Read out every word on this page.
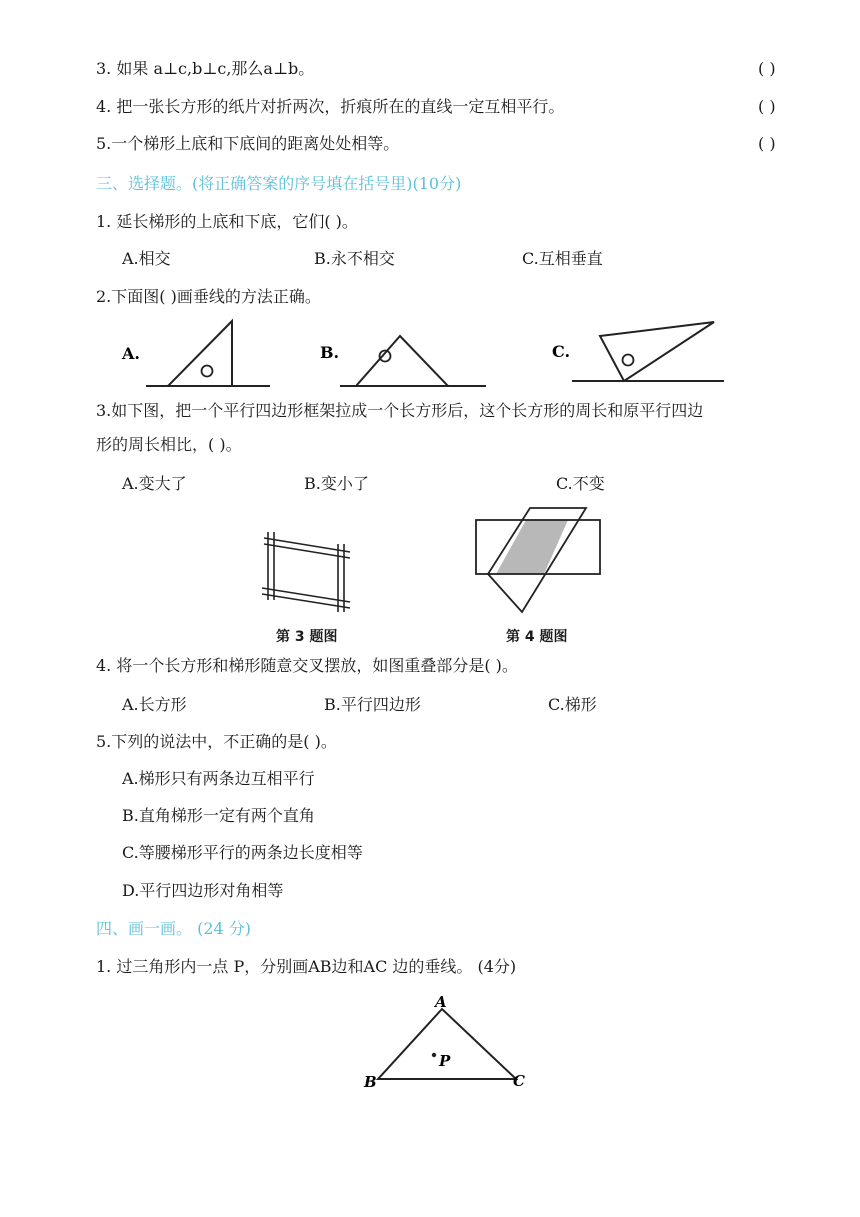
3. 如果 a⊥c,b⊥c,那么a⊥b。	( )
4. 把一张长方形的纸片对折两次，折痕所在的直线一定互相平行。	( )
5.一个梯形上底和下底间的距离处处相等。	( )
三、选择题。(将正确答案的序号填在括号里)(10分)
1. 延长梯形的上底和下底，它们( )。
A.相交	B.永不相交	C.互相垂直
2.下面图( )画垂线的方法正确。
A.	B.	C.
3.如下图，把一个平行四边形框架拉成一个长方形后，这个长方形的周长和原平行四边
形的周长相比，( )。
A.变大了	B.变小了	C.不变
第 3 题图	第 4 题图
4. 将一个长方形和梯形随意交叉摆放，如图重叠部分是( )。
A.长方形	B.平行四边形	C.梯形
5.下列的说法中，不正确的是( )。
A.梯形只有两条边互相平行
B.直角梯形一定有两个直角
C.等腰梯形平行的两条边长度相等
D.平行四边形对角相等
四、画一画。 (24 分)
1. 过三角形内一点 P，分别画AB边和AC 边的垂线。 (4分)
A
B	C
P
